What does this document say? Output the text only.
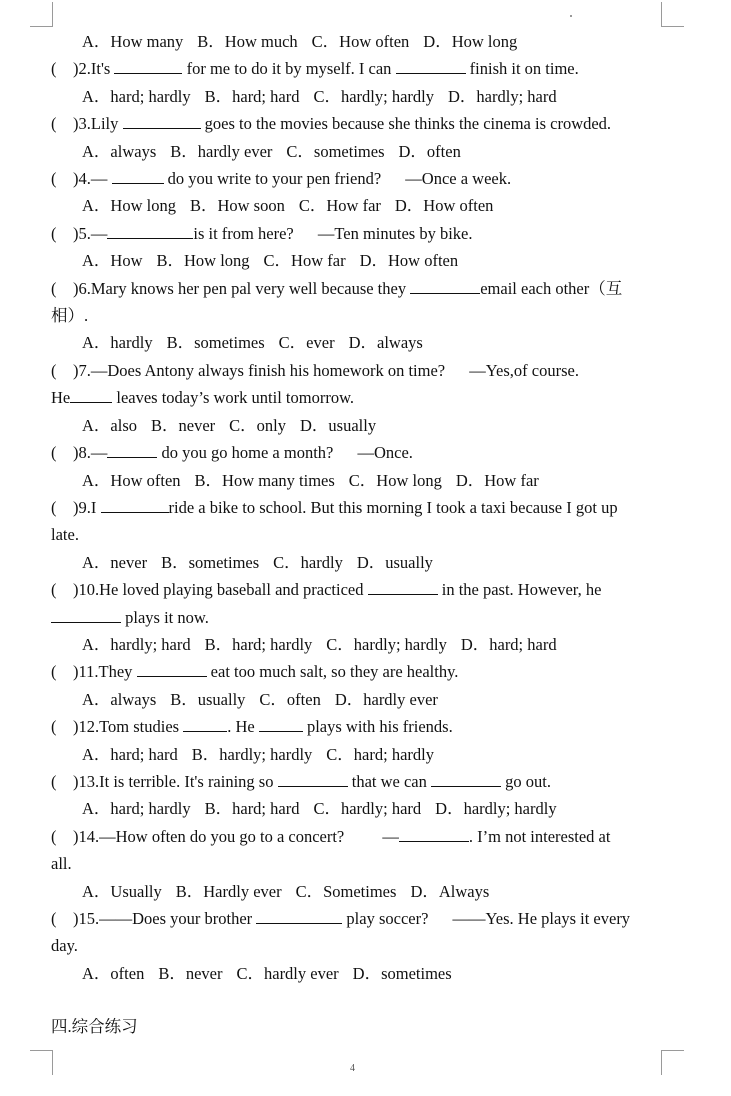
A．How many B．How much C．How often D．How long
( )2.It's	for me to do it by myself. I can	finish it on time.
A．hard; hardly B．hard; hard C．hardly; hardly D．hardly; hard
( )3.Lily	goes to the movies because she thinks the cinema is crowded.
A．always B．hardly ever C．sometimes D．often
( )4.—	do you write to your pen friend? —Once a week.
A．How long B．How soon C．How far D．How often
( )5.—	is it from here? —Ten minutes by bike.
A．How B．How long C．How far D．How often
( )6.Mary knows her pen pal very well because they	email each other（互
相）.
A．hardly B．sometimes C．ever D．always
( )7.—Does Antony always finish his homework on time? —Yes,of course.
He	leaves today’s work until tomorrow.
A．also B．never C．only D．usually
( )8.—	do you go home a month? —Once.
A．How often B．How many times C．How long D．How far
( )9.I	ride a bike to school. But this morning I took a taxi because I got up
late.
A．never B．sometimes C．hardly D．usually
( )10.He loved playing baseball and practiced	in the past. However, he
plays it now.
A．hardly; hard B．hard; hardly C．hardly; hardly D．hard; hard
( )11.They	eat too much salt, so they are healthy.
A．always B．usually C．often D．hardly ever
( )12.Tom studies	. He	plays with his friends.
A．hard; hard B．hardly; hardly C．hard; hardly
( )13.It is terrible. It's raining so	that we can	go out.
A．hard; hardly B．hard; hard C．hardly; hard D．hardly; hardly
( )14.—How often do you go to a concert? —	. I’m not interested at
all.
A．Usually B．Hardly ever C．Sometimes D．Always
( )15.——Does your brother	play soccer? ——Yes. He plays it every
day.
A．often B．never C．hardly ever D．sometimes
四.综合练习
4
